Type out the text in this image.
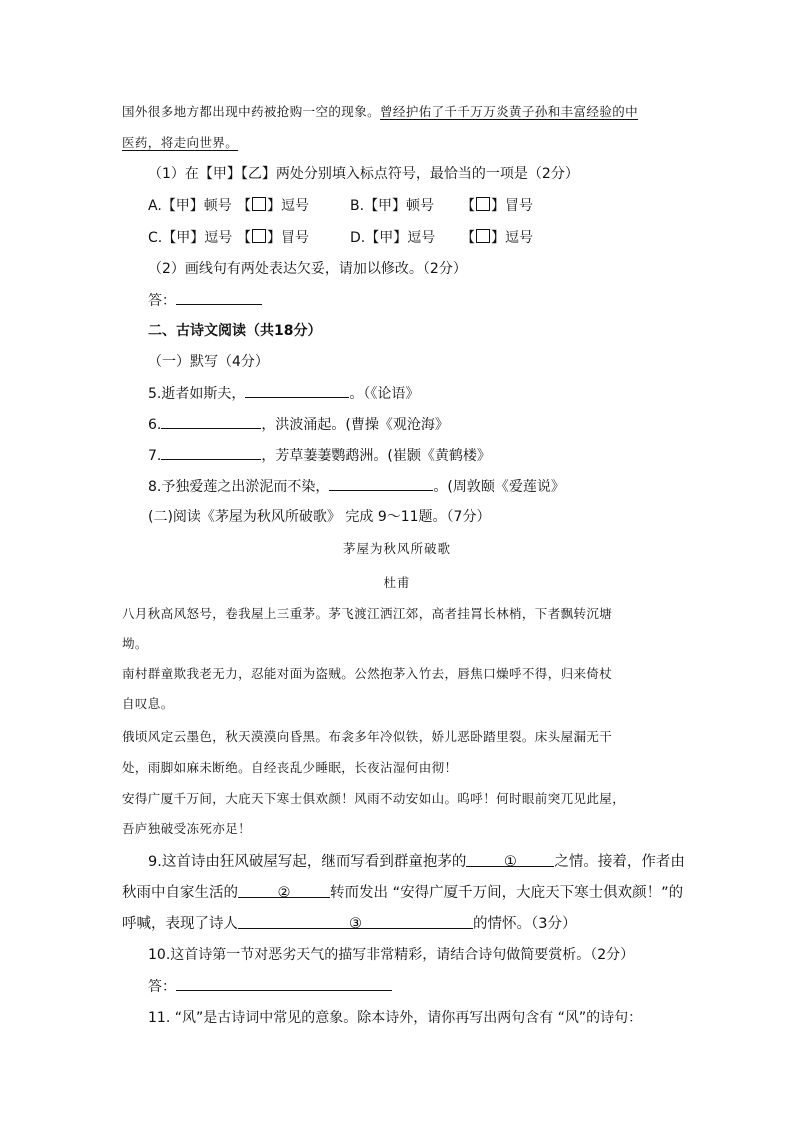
国外很多地方都出现中药被抢购一空的现象。曾经护佑了千千万万炎黄子孙和丰富经验的中
医药，将走向世界。
（1）在【甲】【乙】两处分别填入标点符号，最恰当的一项是（2分）
A.【甲】顿号 【 】逗号	B.【甲】顿号 【 】冒号
C.【甲】逗号 【 】冒号	D.【甲】逗号 【 】逗号
（2）画线句有两处表达欠妥，请加以修改。（2分）
答：
二、古诗文阅读（共18分）
（一）默写（4分）
5.逝者如斯夫，	。（《论语》
6.	，洪波涌起。(曹操《观沧海》
7.	，芳草萋萋鹦鹉洲。(崔颢《黄鹤楼》
8.予独爱莲之出淤泥而不染，	。(周敦颐《爱莲说》
(二)阅读《茅屋为秋风所破歌》 完成 9～11题。（7分）
茅屋为秋风所破歌
杜甫
八月秋高风怒号，卷我屋上三重茅。茅飞渡江洒江郊，高者挂罥长林梢，下者飘转沉塘
坳。
南村群童欺我老无力，忍能对面为盗贼。公然抱茅入竹去，唇焦口燥呼不得，归来倚杖
自叹息。
俄顷风定云墨色，秋天漠漠向昏黑。布衾多年冷似铁，娇儿恶卧踏里裂。床头屋漏无干
处，雨脚如麻未断绝。自经丧乱少睡眠，长夜沾湿何由彻！
安得广厦千万间，大庇天下寒士俱欢颜！风雨不动安如山。呜呼！何时眼前突兀见此屋，
吾庐独破受冻死亦足！
9.这首诗由狂风破屋写起，继而写看到群童抱茅的	①	之情。接着，作者由
秋雨中自家生活的	②	转而发出 “安得广厦千万间，大庇天下寒士俱欢颜！”的
呼喊，表现了诗人	③	的情怀。（3分）
10.这首诗第一节对恶劣天气的描写非常精彩，请结合诗句做简要赏析。（2分）
答：
11. “风”是古诗词中常见的意象。除本诗外，请你再写出两句含有 “风”的诗句：
